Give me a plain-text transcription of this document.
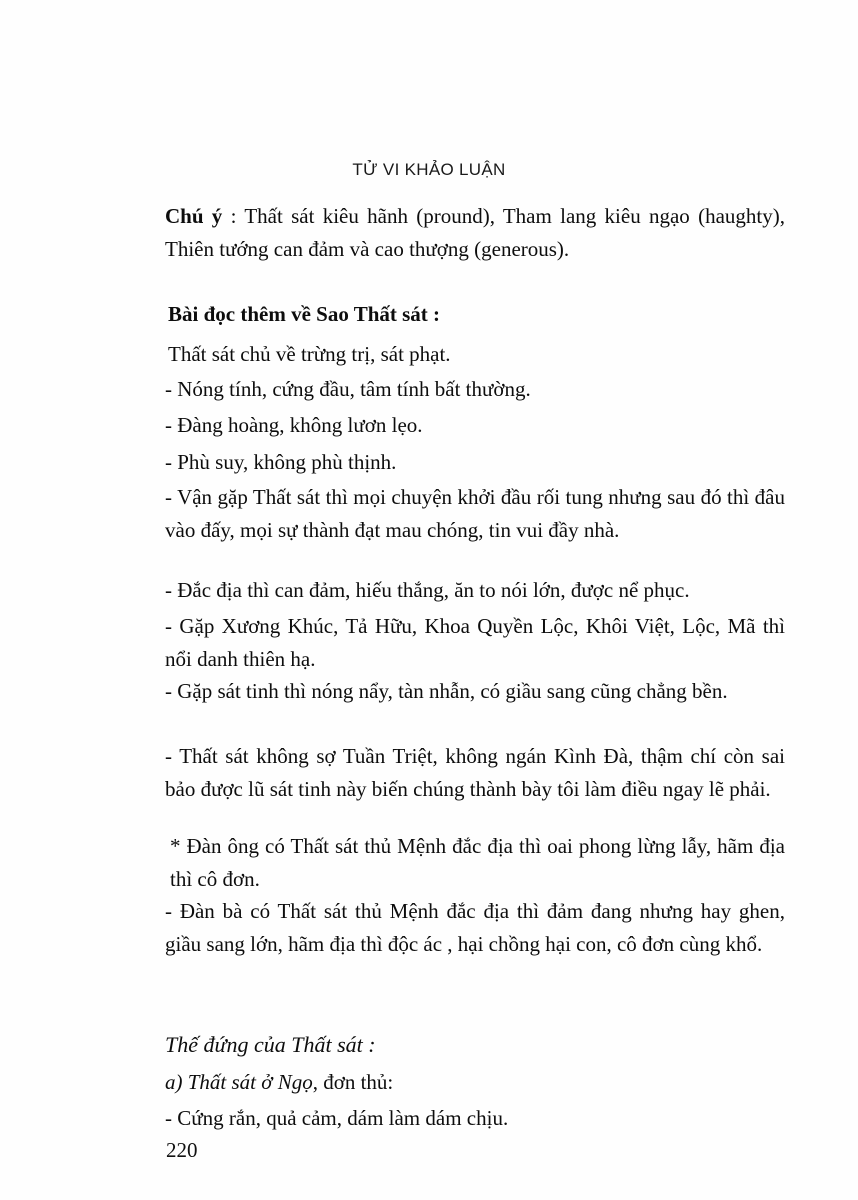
TỬ VI KHẢO LUẬN

Chú ý : Thất sát kiêu hãnh (pround), Tham lang kiêu ngạo (haughty), Thiên tướng can đảm và cao thượng (generous).

Bài đọc thêm về Sao Thất sát :

Thất sát chủ về trừng trị, sát phạt.

- Nóng tính, cứng đầu, tâm tính bất thường.

- Đàng hoàng, không lươn lẹo.

- Phù suy, không phù thịnh.

- Vận gặp Thất sát thì mọi chuyện khởi đầu rối tung nhưng sau đó thì đâu vào đấy, mọi sự thành đạt mau chóng, tin vui đầy nhà.

- Đắc địa thì can đảm, hiếu thắng, ăn to nói lớn, được nể phục.

- Gặp Xương Khúc, Tả Hữu, Khoa Quyền Lộc, Khôi Việt, Lộc, Mã thì nổi danh thiên hạ.

- Gặp sát tinh thì nóng nẩy, tàn nhẫn, có giầu sang cũng chẳng bền.

- Thất sát không sợ Tuần Triệt, không ngán Kình Đà, thậm chí còn sai bảo được lũ sát tinh này biến chúng thành bày tôi làm điều ngay lẽ phải.

* Đàn ông có Thất sát thủ Mệnh đắc địa thì oai phong lừng lẫy, hãm địa thì cô đơn.

- Đàn bà có Thất sát thủ Mệnh đắc địa thì đảm đang nhưng hay ghen, giầu sang lớn, hãm địa thì độc ác , hại chồng hại con, cô đơn cùng khổ.

Thế đứng của Thất sát :

a) Thất sát ở Ngọ, đơn thủ:

- Cứng rắn, quả cảm, dám làm dám chịu.

220
